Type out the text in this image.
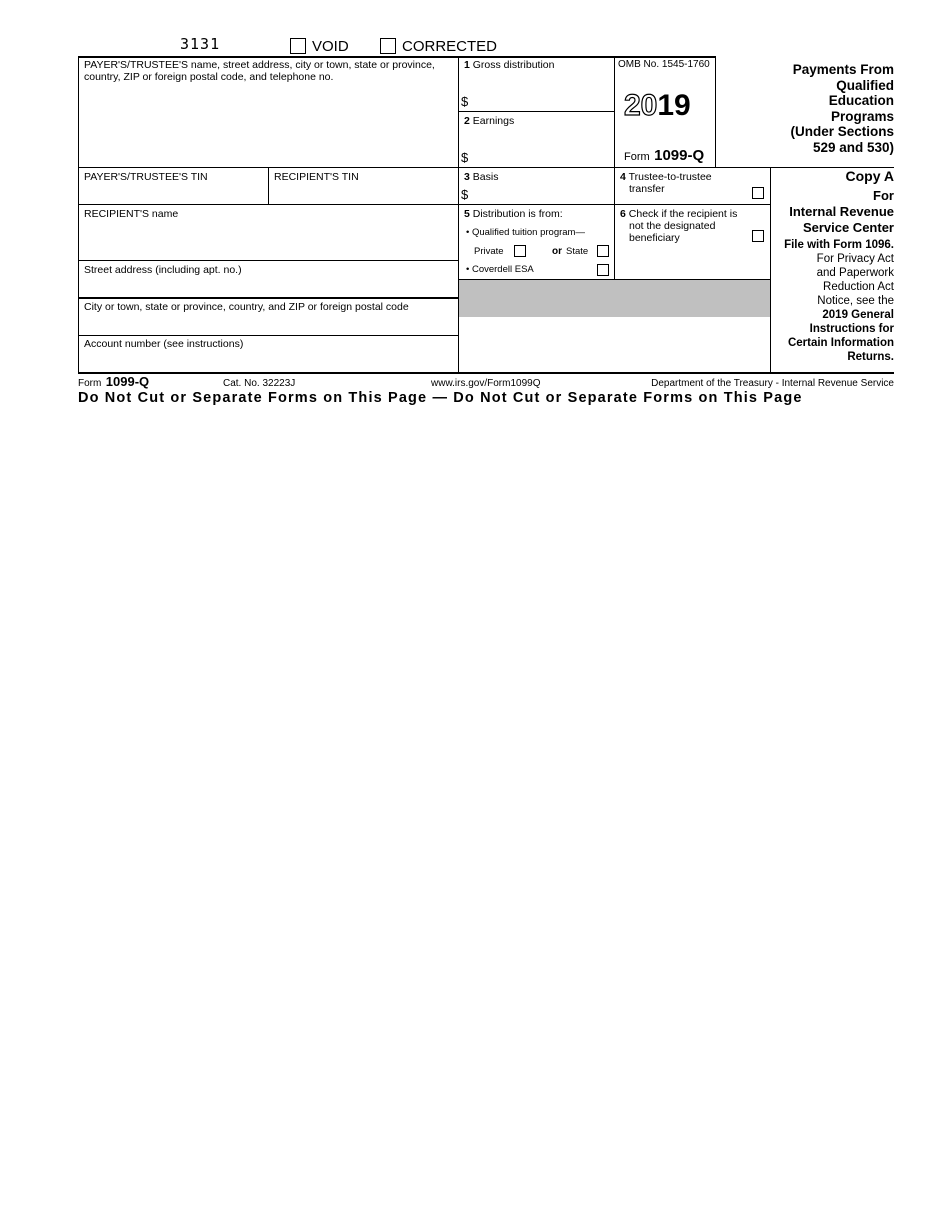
3131	VOID	CORRECTED
PAYER'S/TRUSTEE'S name, street address, city or town, state or province, country, ZIP or foreign postal code, and telephone no.
1 Gross distribution
$
2 Earnings
$
OMB No. 1545-1760
2019
Form 1099-Q
Payments From
Qualified
Education
Programs
(Under Sections
529 and 530)
PAYER'S/TRUSTEE'S TIN	RECIPIENT'S TIN	3 Basis
$
4 Trustee-to-trustee
transfer
Copy A
For
Internal Revenue
Service Center
File with Form 1096.
For Privacy Act
and Paperwork
Reduction Act
Notice, see the
2019 General
Instructions for
Certain Information
Returns.
RECIPIENT'S name
Street address (including apt. no.)
City or town, state or province, country, and ZIP or foreign postal code
Account number (see instructions)
5 Distribution is from:
• Qualified tuition program—
Private	or State
• Coverdell ESA
6 Check if the recipient is
not the designated
beneficiary
Form 1099-Q	Cat. No. 32223J	www.irs.gov/Form1099Q	Department of the Treasury - Internal Revenue Service
Do Not Cut or Separate Forms on This Page — Do Not Cut or Separate Forms on This Page
